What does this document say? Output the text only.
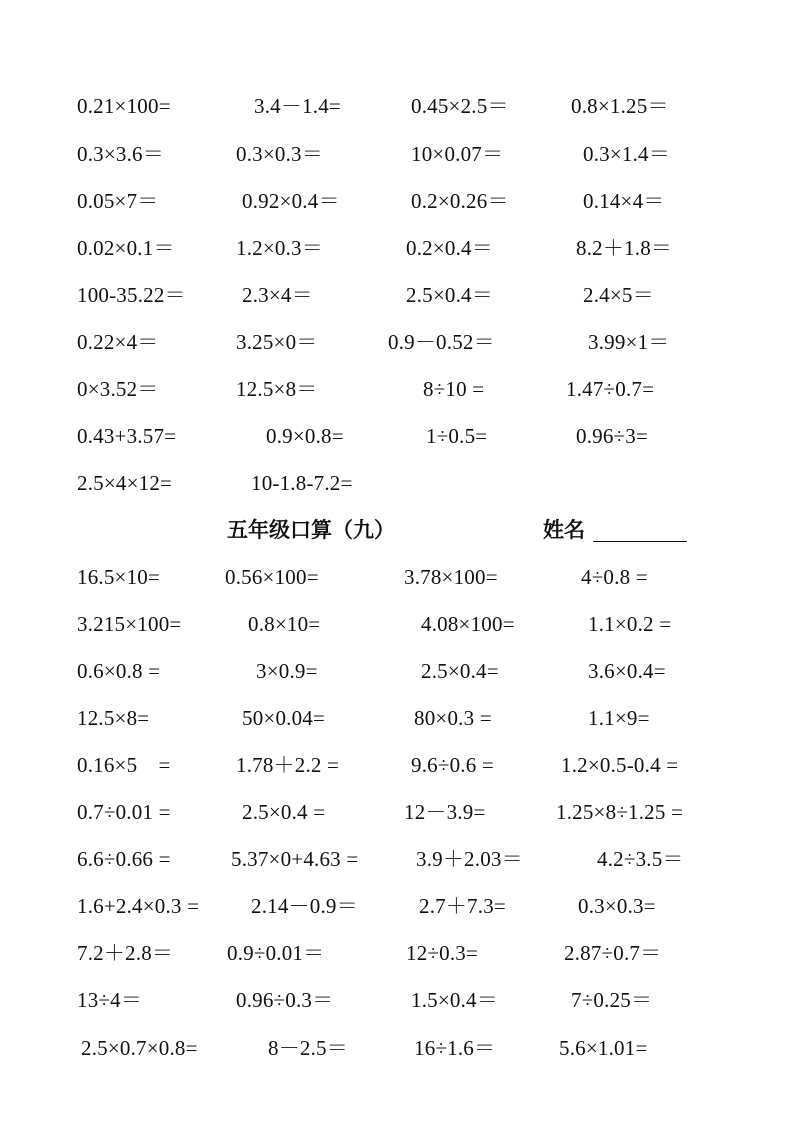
0.21×100=	3.4－1.4=	0.45×2.5＝	0.8×1.25＝
0.3×3.6＝	0.3×0.3＝	10×0.07＝	0.3×1.4＝
0.05×7＝	0.92×0.4＝	0.2×0.26＝	0.14×4＝
0.02×0.1＝	1.2×0.3＝	0.2×0.4＝	8.2＋1.8＝
100-35.22＝	2.3×4＝	2.5×0.4＝	2.4×5＝
0.22×4＝	3.25×0＝	0.9－0.52＝	3.99×1＝
0×3.52＝	12.5×8＝	8÷10 =	1.47÷0.7=
0.43+3.57=	0.9×0.8=	1÷0.5=	0.96÷3=
2.5×4×12=	10-1.8-7.2=
五年级口算（九）	姓名
16.5×10=	0.56×100=	3.78×100=	4÷0.8 =
3.215×100=	0.8×10=	4.08×100=	1.1×0.2 =
0.6×0.8 =	3×0.9=	2.5×0.4=	3.6×0.4=
12.5×8=	50×0.04=	80×0.3 =	1.1×9=
0.16×5　=	1.78＋2.2 =	9.6÷0.6 =	1.2×0.5-0.4 =
0.7÷0.01 =	2.5×0.4 =	12－3.9=	1.25×8÷1.25 =
6.6÷0.66 =	5.37×0+4.63 =	3.9＋2.03＝	4.2÷3.5＝
1.6+2.4×0.3 = 2.14－0.9＝	2.7＋7.3=	0.3×0.3=
7.2＋2.8＝	0.9÷0.01＝	12÷0.3=	2.87÷0.7＝
13÷4＝	0.96÷0.3＝	1.5×0.4＝	7÷0.25＝
2.5×0.7×0.8=	8－2.5＝	16÷1.6＝	5.6×1.01=
